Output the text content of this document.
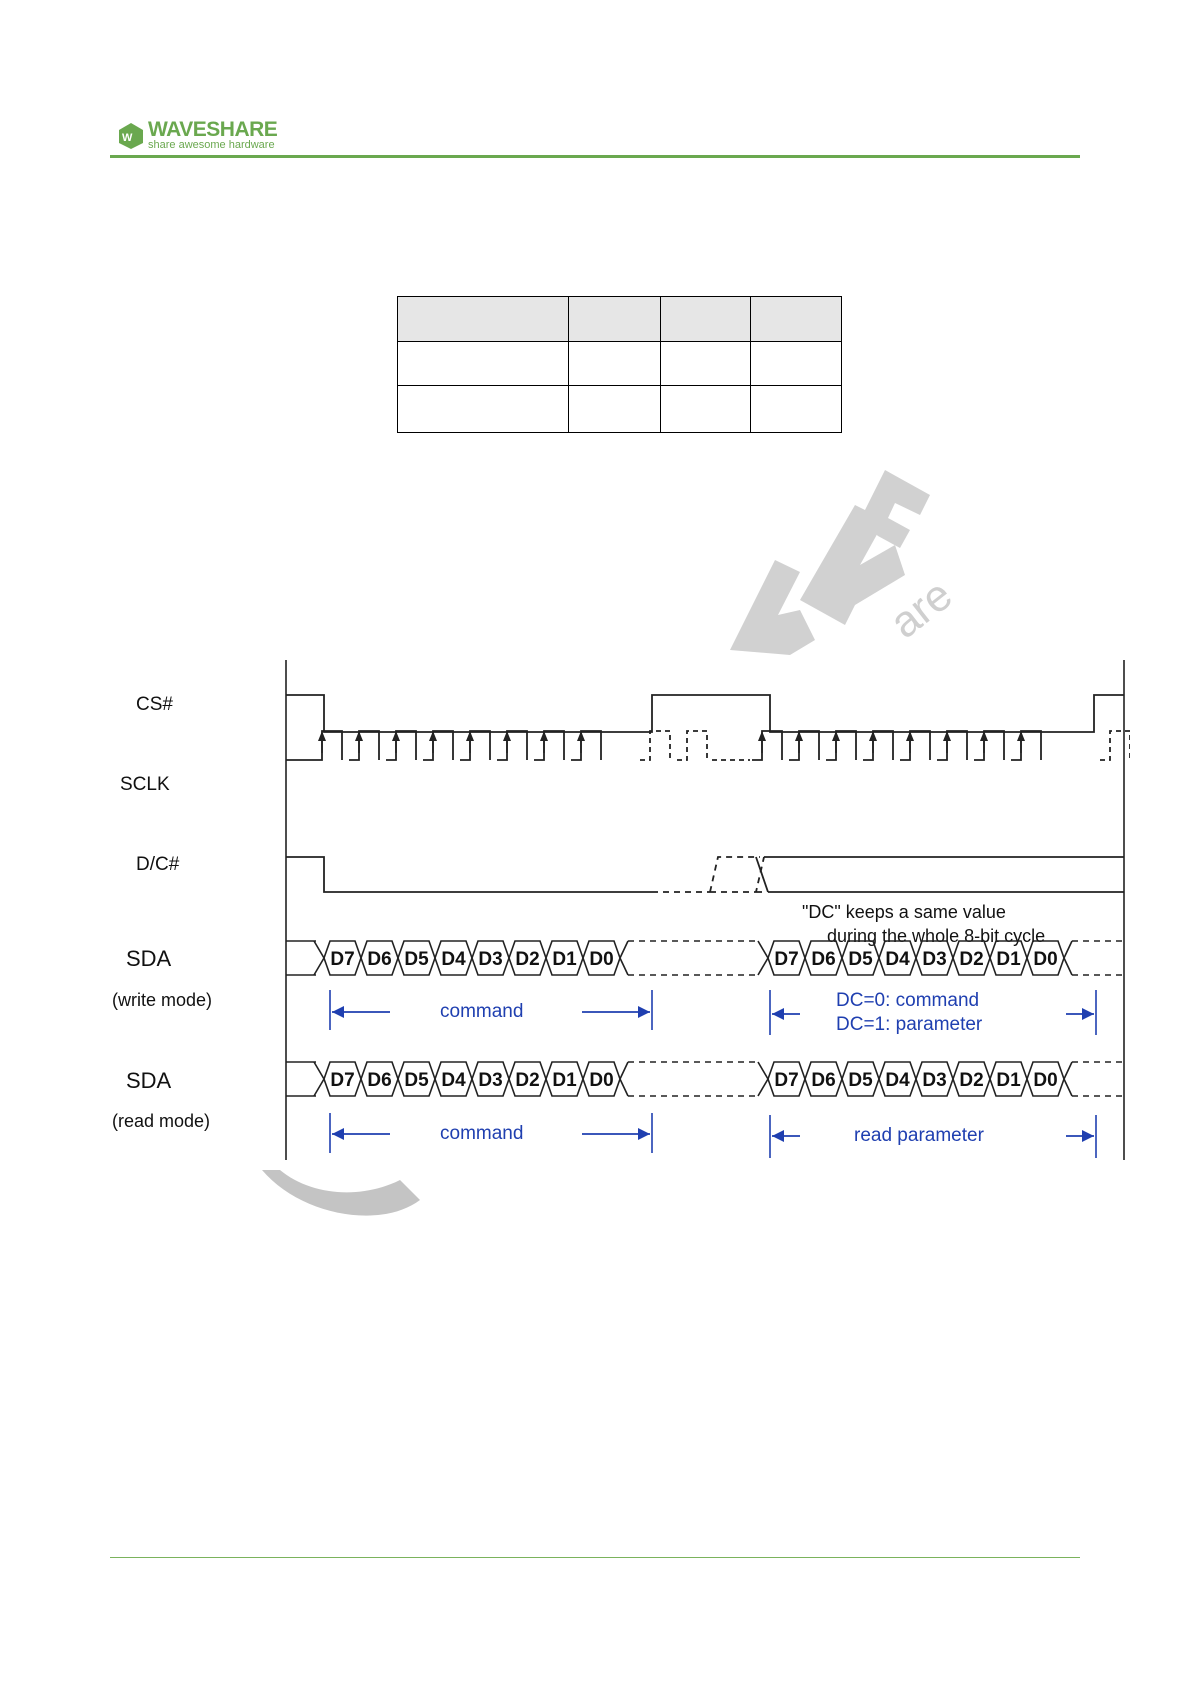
W WAVESHARE
share awesome hardware

are
CS#
SCLK
D/C#
SDA
(write mode)
SDA
(read mode)
"DC" keeps a same value
during the whole 8-bit cycle
D7 D6 D5 D4 D3 D2 D1 D0	D7 D6 D5 D4 D3 D2 D1 D0
D7 D6 D5 D4 D3 D2 D1 D0	D7 D6 D5 D4 D3 D2 D1 D0
command
DC=0: command
DC=1: parameter
command	read parameter
